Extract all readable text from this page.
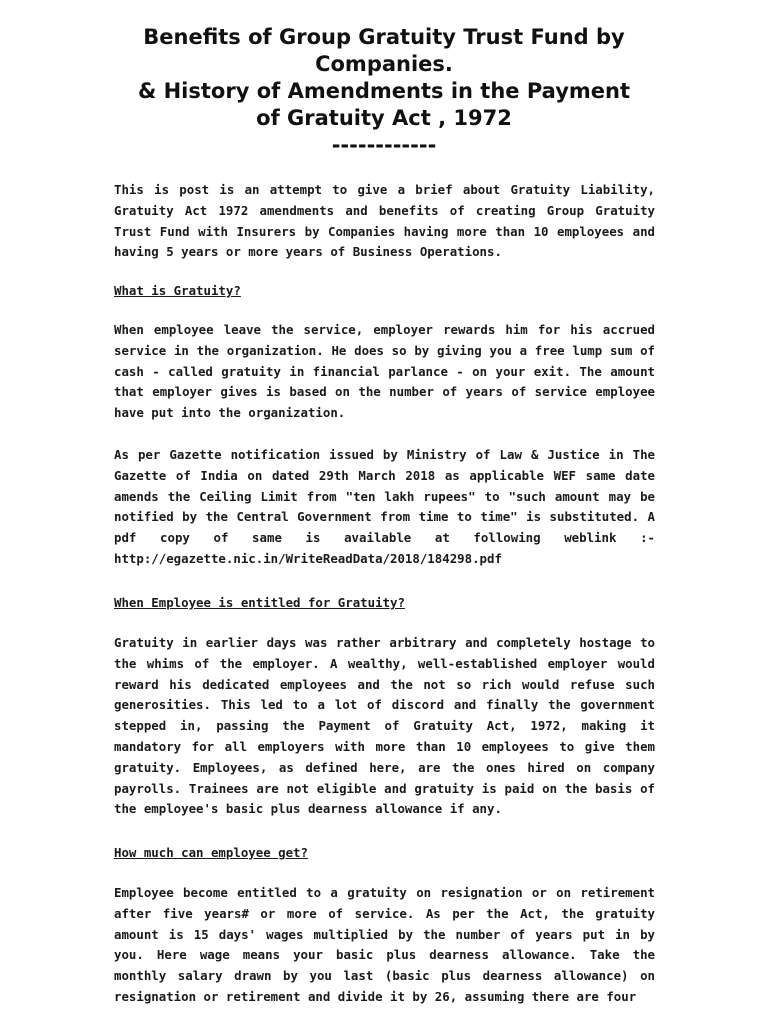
Benefits of Group Gratuity Trust Fund by
Companies.
& History of Amendments in the Payment
of Gratuity Act , 1972
------------

This is post is an attempt to give a brief about Gratuity Liability, Gratuity Act 1972 amendments and benefits of creating Group Gratuity Trust Fund with Insurers by Companies having more than 10 employees and having 5 years or more years of Business Operations.

What is Gratuity?

When employee leave the service, employer rewards him for his accrued service in the organization. He does so by giving you a free lump sum of cash - called gratuity in financial parlance - on your exit. The amount that employer gives is based on the number of years of service employee have put into the organization.

As per Gazette notification issued by Ministry of Law & Justice in The Gazette of India on dated 29th March 2018 as applicable WEF same date amends the Ceiling Limit from "ten lakh rupees" to "such amount may be notified by the Central Government from time to time" is substituted. A pdf copy of same is available at following weblink :- http://egazette.nic.in/WriteReadData/2018/184298.pdf

When Employee is entitled for Gratuity?

Gratuity in earlier days was rather arbitrary and completely hostage to the whims of the employer. A wealthy, well-established employer would reward his dedicated employees and the not so rich would refuse such generosities. This led to a lot of discord and finally the government stepped in, passing the Payment of Gratuity Act, 1972, making it mandatory for all employers with more than 10 employees to give them gratuity. Employees, as defined here, are the ones hired on company payrolls. Trainees are not eligible and gratuity is paid on the basis of the employee's basic plus dearness allowance if any.

How much can employee get?

Employee become entitled to a gratuity on resignation or on retirement after five years# or more of service. As per the Act, the gratuity amount is 15 days' wages multiplied by the number of years put in by you. Here wage means your basic plus dearness allowance. Take the monthly salary drawn by you last (basic plus dearness allowance) on resignation or retirement and divide it by 26, assuming there are four
